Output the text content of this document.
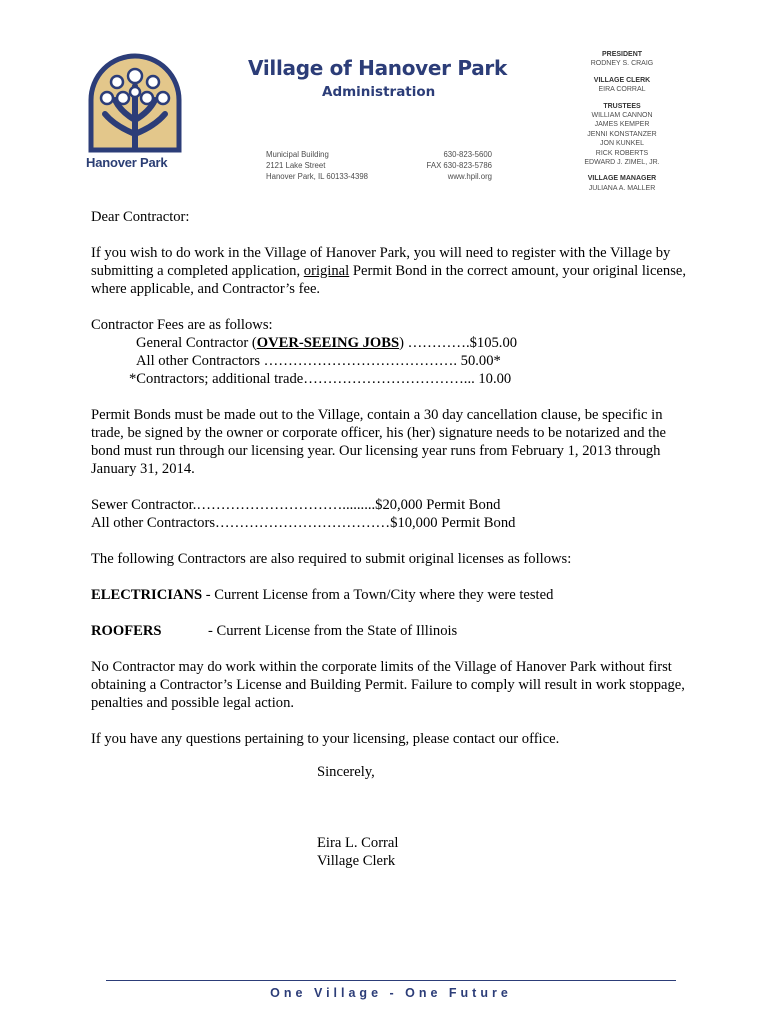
Hanover Park
Village of Hanover Park
Administration
Municipal Building
2121 Lake Street
Hanover Park, IL 60133-4398
630-823-5600
FAX 630-823-5786
www.hpil.org
PRESIDENT
RODNEY S. CRAIG
VILLAGE CLERK
EIRA CORRAL
TRUSTEES
WILLIAM CANNON
JAMES KEMPER
JENNI KONSTANZER
JON KUNKEL
RICK ROBERTS
EDWARD J. ZIMEL, JR.
VILLAGE MANAGER
JULIANA A. MALLER

Dear Contractor:

If you wish to do work in the Village of Hanover Park, you will need to register with the Village by submitting a completed application, original Permit Bond in the correct amount, your original license, where applicable, and Contractor’s fee.

Contractor Fees are as follows:

General Contractor (OVER-SEEING JOBS) ………….$105.00
All other Contractors …………………………………. 50.00*
*Contractors; additional trade……………………………... 10.00

Permit Bonds must be made out to the Village, contain a 30 day cancellation clause, be specific in trade, be signed by the owner or corporate officer, his (her) signature needs to be notarized and the bond must run through our licensing year. Our licensing year runs from February 1, 2013 through January 31, 2014.

Sewer Contractor.………………………….........$20,000 Permit Bond
All other Contractors………………………………$10,000 Permit Bond

The following Contractors are also required to submit original licenses as follows:

ELECTRICIANS - Current License from a Town/City where they were tested

ROOFERS	- Current License from the State of Illinois

No Contractor may do work within the corporate limits of the Village of Hanover Park without first obtaining a Contractor’s License and Building Permit. Failure to comply will result in work stoppage, penalties and possible legal action.

If you have any questions pertaining to your licensing, please contact our office.

Sincerely,
Eira L. Corral
Village Clerk
One Village - One Future
